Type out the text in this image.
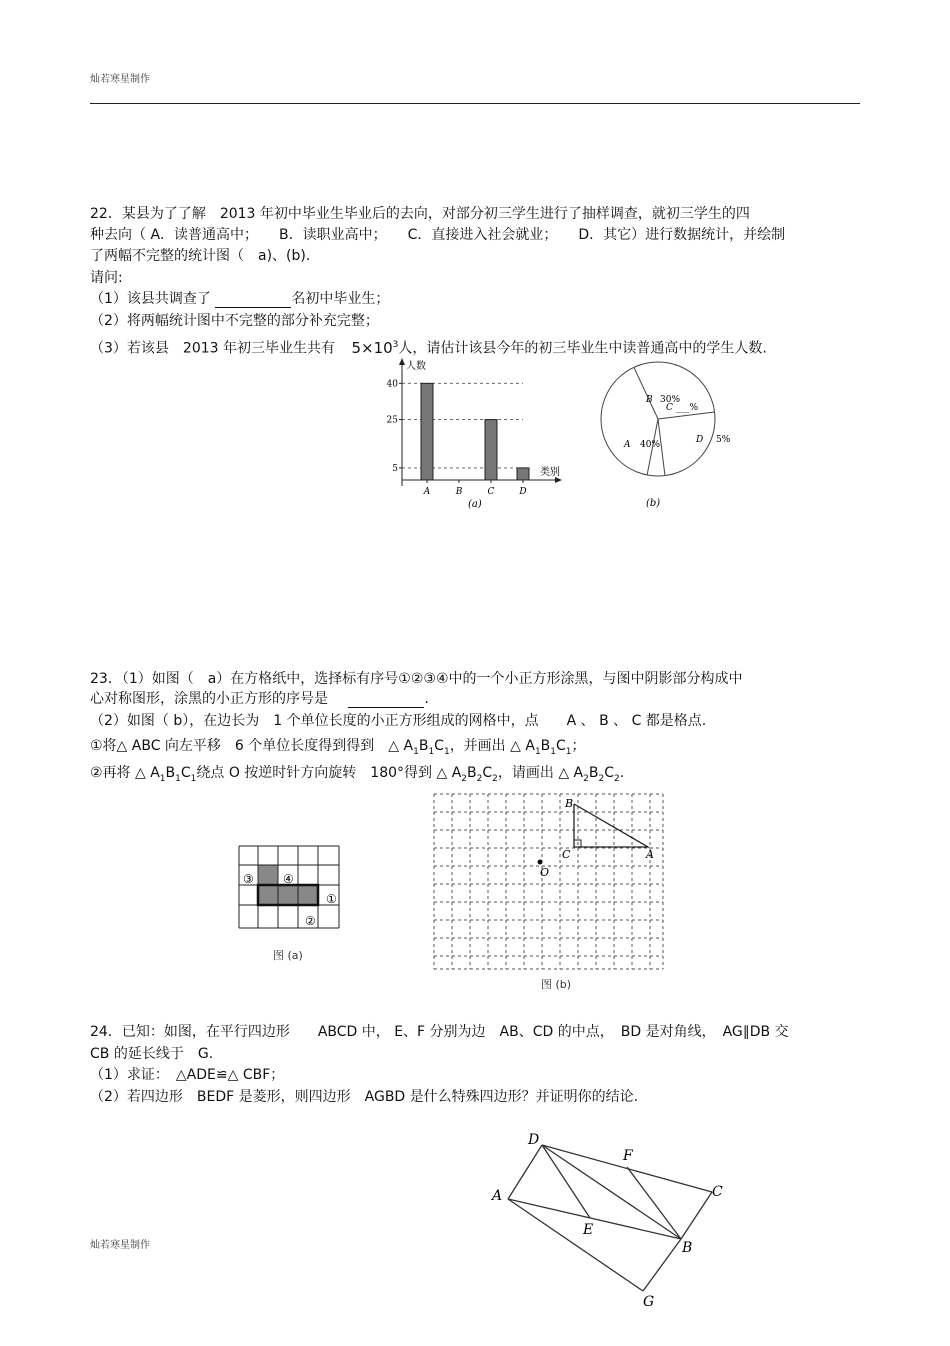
灿若寒星制作
22．某县为了了解　2013 年初中毕业生毕业后的去向，对部分初三学生进行了抽样调查，就初三学生的四
种去向（ A．读普通高中；　　B．读职业高中；　　C．直接进入社会就业；　　D．其它）进行数据统计，并绘制
了两幅不完整的统计图（　a)、(b).
请问:
（1）该县共调查了	名初中毕业生；
（2）将两幅统计图中不完整的部分补充完整；
（3）若该县　2013 年初三毕业生共有 $5\times 10^3$人，请估计该县今年的初三毕业生中读普通高中的学生人数.
人数
类别
5
25
40
A	B	C	D
(a)
B 30%
A 40%
C ___%
D 5%
(b)
23．（1）如图（　a）在方格纸中，选择标有序号①②③④中的一个小正方形涂黑，与图中阴影部分构成中
心对称图形，涂黑的小正方形的序号是	.
（2）如图（ b），在边长为　1 个单位长度的小正方形组成的网格中，点　　A 、 B 、 C 都是格点.
①将△ ABC 向左平移　6 个单位长度得到得到　△ $A_1B_1C_1$，并画出 △ $A_1B_1C_1$；
②再将 △ $A_1B_1C_1$绕点 O 按逆时针方向旋转　180°得到 △ $A_2B_2C_2$，请画出 △ $A_2B_2C_2$.
③ ④
①
②
图 (a)
B
C	A
O
图 (b)
24．已知：如图，在平行四边形　　ABCD 中， E、F 分别为边　AB、CD 的中点，　BD 是对角线，　AG∥DB 交
CB 的延长线于　G.
（1）求证：　△ADE≌△ CBF；
（2）若四边形　BEDF 是菱形，则四边形　AGBD 是什么特殊四边形？并证明你的结论.
D
F
C
A
E
B
G
灿若寒星制作
